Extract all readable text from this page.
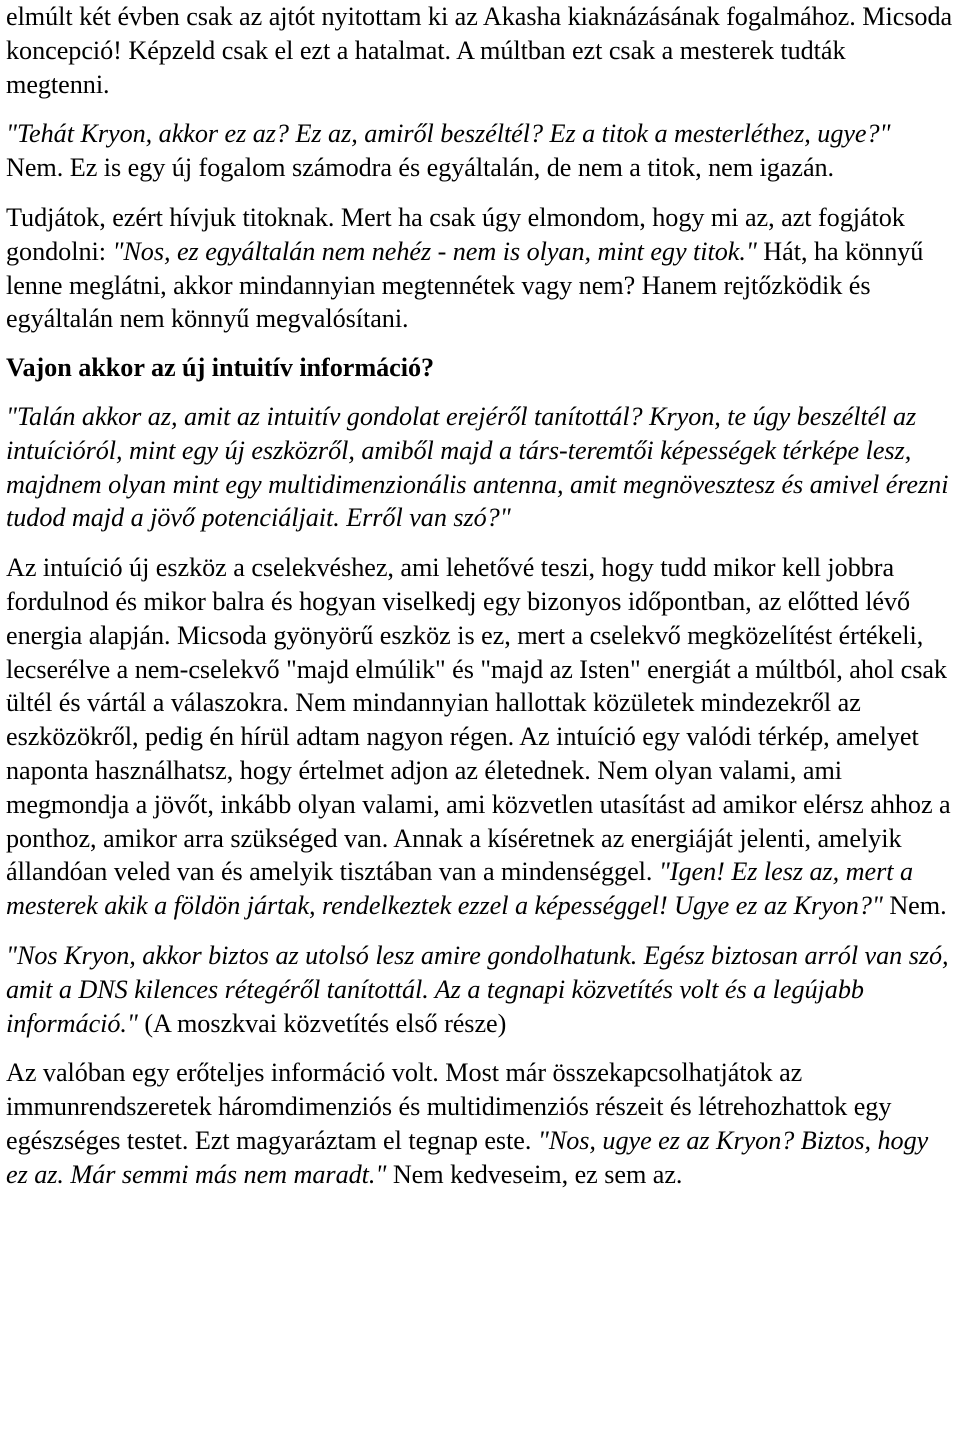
elmúlt két évben csak az ajtót nyitottam ki az Akasha kiaknázásának fogalmához. Micsoda koncepció! Képzeld csak el ezt a hatalmat. A múltban ezt csak a mesterek tudták megtenni.

"Tehát Kryon, akkor ez az? Ez az, amiről beszéltél? Ez a titok a mesterléthez, ugye?" Nem. Ez is egy új fogalom számodra és egyáltalán, de nem a titok, nem igazán.

Tudjátok, ezért hívjuk titoknak. Mert ha csak úgy elmondom, hogy mi az, azt fogjátok gondolni: "Nos, ez egyáltalán nem nehéz - nem is olyan, mint egy titok." Hát, ha könnyű lenne meglátni, akkor mindannyian megtennétek vagy nem? Hanem rejtőzködik és egyáltalán nem könnyű megvalósítani.

Vajon akkor az új intuitív információ?

"Talán akkor az, amit az intuitív gondolat erejéről tanítottál? Kryon, te úgy beszéltél az intuícióról, mint egy új eszközről, amiből majd a társ-teremtői képességek térképe lesz, majdnem olyan mint egy multidimenzionális antenna, amit megnövesztesz és amivel érezni tudod majd a jövő potenciáljait. Erről van szó?"

Az intuíció új eszköz a cselekvéshez, ami lehetővé teszi, hogy tudd mikor kell jobbra fordulnod és mikor balra és hogyan viselkedj egy bizonyos időpontban, az előtted lévő energia alapján. Micsoda gyönyörű eszköz is ez, mert a cselekvő megközelítést értékeli, lecserélve a nem-cselekvő "majd elmúlik" és "majd az Isten" energiát a múltból, ahol csak ültél és vártál a válaszokra. Nem mindannyian hallottak közületek mindezekről az eszközökről, pedig én hírül adtam nagyon régen. Az intuíció egy valódi térkép, amelyet naponta használhatsz, hogy értelmet adjon az életednek. Nem olyan valami, ami megmondja a jövőt, inkább olyan valami, ami közvetlen utasítást ad amikor elérsz ahhoz a ponthoz, amikor arra szükséged van. Annak a kíséretnek az energiáját jelenti, amelyik állandóan veled van és amelyik tisztában van a mindenséggel. "Igen! Ez lesz az, mert a mesterek akik a földön jártak, rendelkeztek ezzel a képességgel! Ugye ez az Kryon?" Nem.

"Nos Kryon, akkor biztos az utolsó lesz amire gondolhatunk. Egész biztosan arról van szó, amit a DNS kilences rétegéről tanítottál. Az a tegnapi közvetítés volt és a legújabb információ." (A moszkvai közvetítés első része)

Az valóban egy erőteljes információ volt. Most már összekapcsolhatjátok az immunrendszeretek háromdimenziós és multidimenziós részeit és létrehozhattok egy egészséges testet. Ezt magyaráztam el tegnap este. "Nos, ugye ez az Kryon? Biztos, hogy ez az. Már semmi más nem maradt." Nem kedveseim, ez sem az.
